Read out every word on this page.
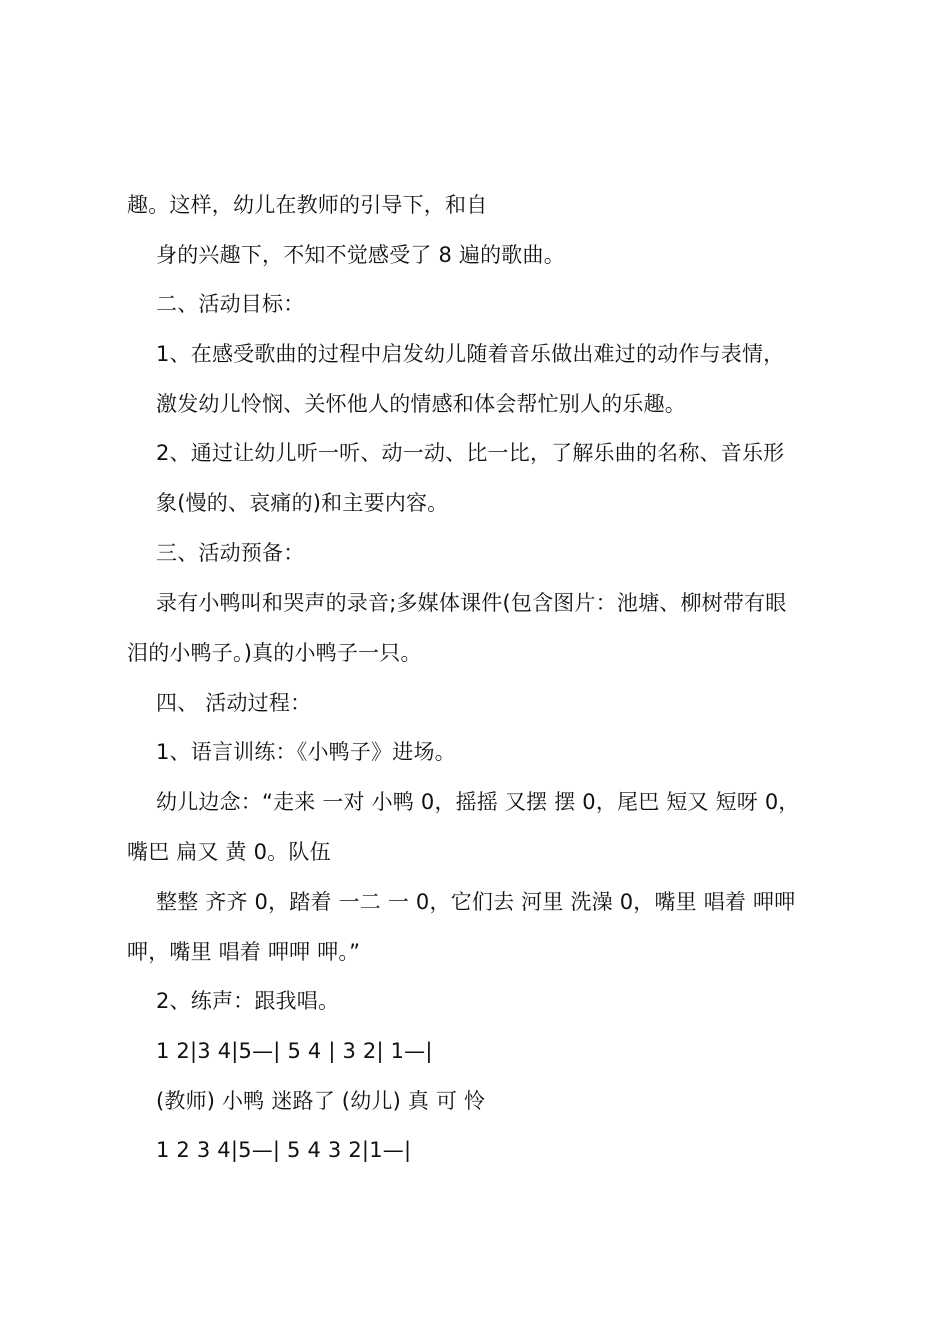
趣。这样，幼儿在教师的引导下，和自
身的兴趣下，不知不觉感受了 8 遍的歌曲。
二、活动目标：
1、在感受歌曲的过程中启发幼儿随着音乐做出难过的动作与表情，
激发幼儿怜悯、关怀他人的情感和体会帮忙别人的乐趣。
2、通过让幼儿听一听、动一动、比一比，了解乐曲的名称、音乐形
象(慢的、哀痛的)和主要内容。
三、活动预备：
录有小鸭叫和哭声的录音;多媒体课件(包含图片：池塘、柳树带有眼
泪的小鸭子。)真的小鸭子一只。
四、 活动过程：
1、语言训练：《小鸭子》进场。
幼儿边念：“走来 一对 小鸭 0，摇摇 又摆 摆 0，尾巴 短又 短呀 0，
嘴巴 扁又 黄 0。队伍
整整 齐齐 0，踏着 一二 一 0，它们去 河里 洗澡 0，嘴里 唱着 呷呷
呷，嘴里 唱着 呷呷 呷。”
2、练声：跟我唱。
1 2|3 4|5—| 5 4 | 3 2| 1—|
(教师) 小鸭 迷路了 (幼儿) 真 可 怜
1 2 3 4|5—| 5 4 3 2|1—|
